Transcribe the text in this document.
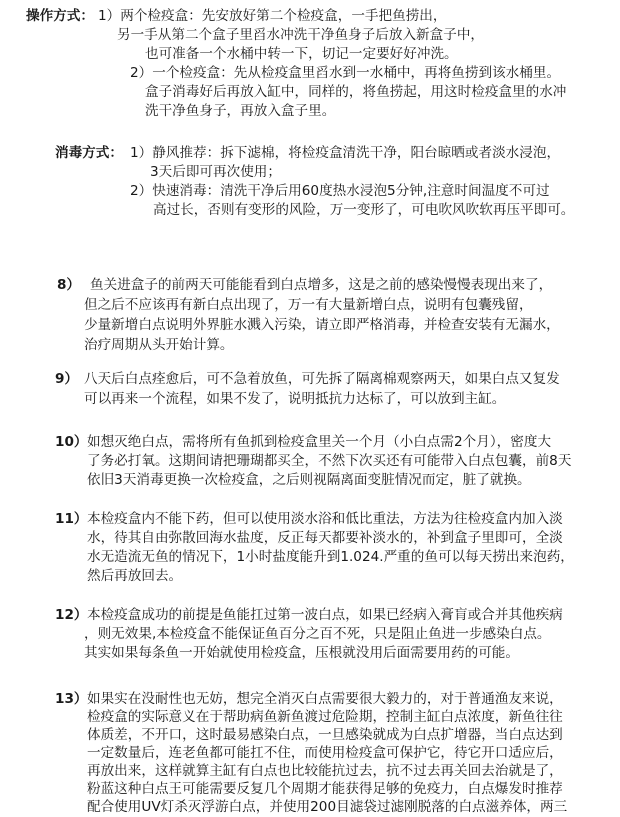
操作方式： 1）两个检疫盒：先安放好第二个检疫盒，一手把鱼捞出，
另一手从第二个盒子里舀水冲洗干净鱼身子后放入新盒子中，
也可准备一个水桶中转一下，切记一定要好好冲洗。
2）一个检疫盒：先从检疫盒里舀水到一水桶中，再将鱼捞到该水桶里。
盒子消毒好后再放入缸中，同样的，将鱼捞起，用这时检疫盒里的水冲
洗干净鱼身子，再放入盒子里。
消毒方式： 1）静风推荐：拆下滤棉，将检疫盒清洗干净，阳台晾晒或者淡水浸泡，
3天后即可再次使用；
2）快速消毒：清洗干净后用60度热水浸泡5分钟,注意时间温度不可过
高过长，否则有变形的风险，万一变形了，可电吹风吹软再压平即可。
8） 鱼关进盒子的前两天可能能看到白点增多，这是之前的感染慢慢表现出来了，
但之后不应该再有新白点出现了，万一有大量新增白点，说明有包囊残留，
少量新增白点说明外界脏水溅入污染，请立即严格消毒，并检查安装有无漏水，
治疗周期从头开始计算。
9） 八天后白点痊愈后，可不急着放鱼，可先拆了隔离棉观察两天，如果白点又复发
可以再来一个流程，如果不发了，说明抵抗力达标了，可以放到主缸。
10） 如想灭绝白点，需将所有鱼抓到检疫盒里关一个月（小白点需2个月），密度大
了务必打氧。这期间请把珊瑚都买全，不然下次买还有可能带入白点包囊，前8天
依旧3天消毒更换一次检疫盒，之后则视隔离面变脏情况而定，脏了就换。
11） 本检疫盒内不能下药，但可以使用淡水浴和低比重法，方法为往检疫盒内加入淡
水，待其自由弥散回海水盐度，反正每天都要补淡水的，补到盒子里即可，全淡
水无造流无鱼的情况下，1小时盐度能升到1.024.严重的鱼可以每天捞出来泡药，
然后再放回去。
12） 本检疫盒成功的前提是鱼能扛过第一波白点，如果已经病入膏肓或合并其他疾病
，则无效果,本检疫盒不能保证鱼百分之百不死，只是阻止鱼进一步感染白点。
其实如果每条鱼一开始就使用检疫盒，压根就没用后面需要用药的可能。
13） 如果实在没耐性也无妨，想完全消灭白点需要很大毅力的，对于普通渔友来说，
检疫盒的实际意义在于帮助病鱼新鱼渡过危险期，控制主缸白点浓度，新鱼往往
体质差，不开口，这时最易感染白点，一旦感染就成为白点扩增器，当白点达到
一定数量后，连老鱼都可能扛不住，而使用检疫盒可保护它，待它开口适应后，
再放出来，这样就算主缸有白点也比较能抗过去，抗不过去再关回去治就是了，
粉蓝这种白点王可能需要反复几个周期才能获得足够的免疫力，白点爆发时推荐
配合使用UV灯杀灭浮游白点，并使用200目滤袋过滤刚脱落的白点滋养体，两三
